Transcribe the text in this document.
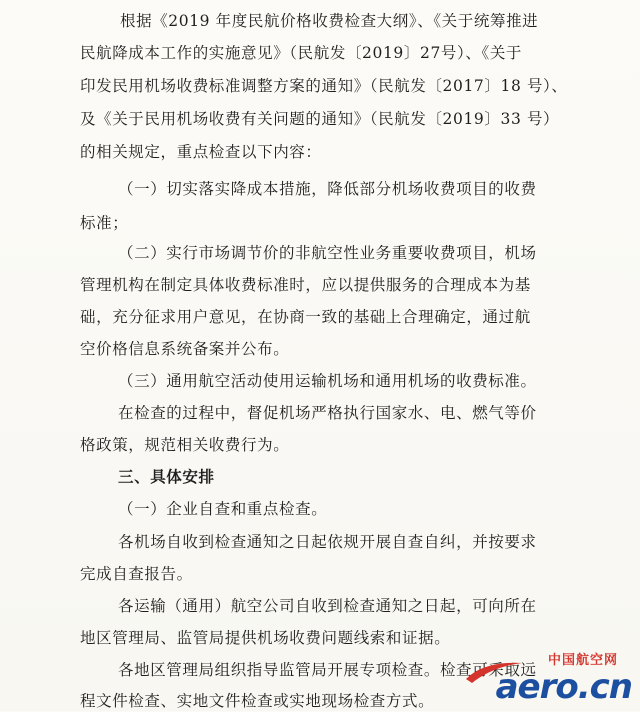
根据《2019 年度民航价格收费检查大纲》、《关于统筹推进
民航降成本工作的实施意见》（民航发〔2019〕27号）、《关于
印发民用机场收费标准调整方案的通知》（民航发〔2017〕18 号）、
及《关于民用机场收费有关问题的通知》（民航发〔2019〕33 号）
的相关规定，重点检查以下内容：
（一）切实落实降成本措施，降低部分机场收费项目的收费
标准；
（二）实行市场调节价的非航空性业务重要收费项目，机场
管理机构在制定具体收费标准时，应以提供服务的合理成本为基
础，充分征求用户意见，在协商一致的基础上合理确定，通过航
空价格信息系统备案并公布。
（三）通用航空活动使用运输机场和通用机场的收费标准。
在检查的过程中，督促机场严格执行国家水、电、燃气等价
格政策，规范相关收费行为。
三、具体安排
（一）企业自查和重点检查。
各机场自收到检查通知之日起依规开展自查自纠，并按要求
完成自查报告。
各运输（通用）航空公司自收到检查通知之日起，可向所在
地区管理局、监管局提供机场收费问题线索和证据。
各地区管理局组织指导监管局开展专项检查。检查可采取远
程文件检查、实地文件检查或实地现场检查方式。
中国航空网
aero.cn
